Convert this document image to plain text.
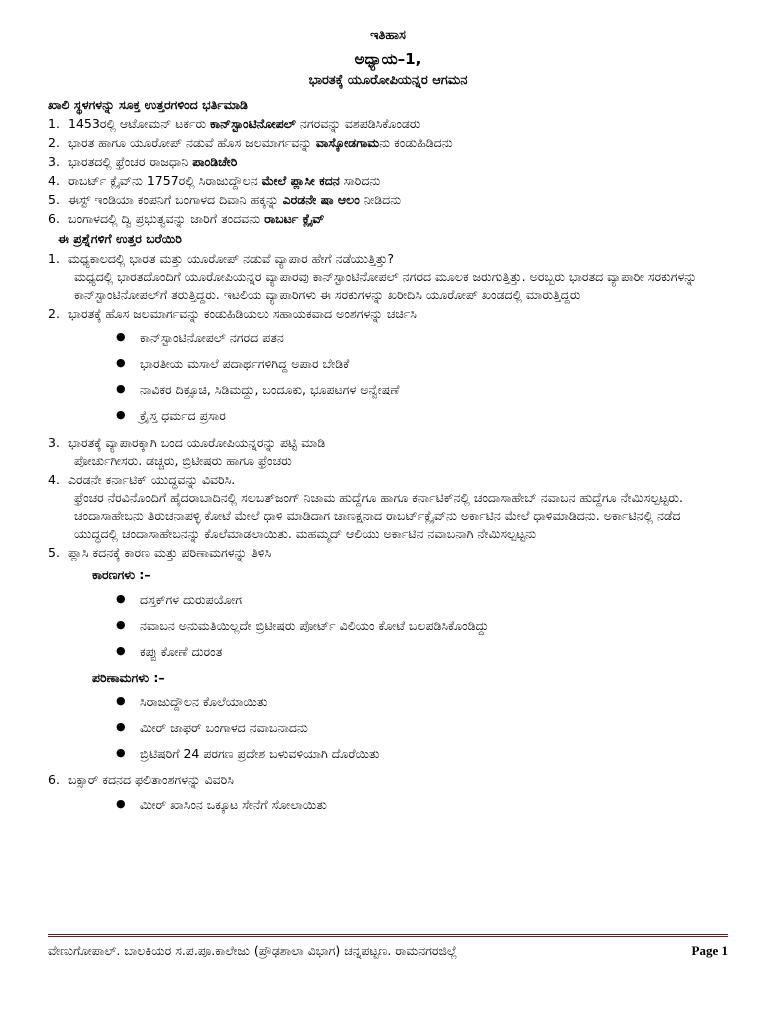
ಇತಿಹಾಸ
ಅಧ್ಯಾಯ–1,
ಭಾರತಕ್ಕೆ ಯೂರೋಪಿಯನ್ನರ ಆಗಮನ
ಖಾಲಿ ಸ್ಥಳಗಳನ್ನು ಸೂಕ್ತ ಉತ್ತರಗಳಿಂದ ಭರ್ತಿಮಾಡಿ
1. 1453ರಲ್ಲಿ ಆಟೋಮನ್ ಟರ್ಕರು ಕಾನ್‌ಸ್ಟಾಂಟಿನೋಪಲ್ ನಗರವನ್ನು ವಶಪಡಿಸಿಕೊಂಡರು
2. ಭಾರತ ಹಾಗೂ ಯೂರೋಪ್ ನಡುವೆ ಹೊಸ ಜಲಮಾರ್ಗವನ್ನು ವಾಸ್ಕೋಡಗಾಮನು ಕಂಡುಹಿಡಿದನು
3. ಭಾರತದಲ್ಲಿ ಫ್ರೆಂಚರ ರಾಜಧಾನಿ ಪಾಂಡಿಚೇರಿ
4. ರಾಬರ್ಟ್ ಕ್ಲೈವ್‌ನು 1757ರಲ್ಲಿ ಸಿರಾಜುದ್ದೌಲನ ಮೇಲೆ ಪ್ಲಾಸೀ ಕದನ ಸಾರಿದನು
5. ಈಸ್ಟ್ ಇಂಡಿಯಾ ಕಂಪನಿಗೆ ಬಂಗಾಳದ ದಿವಾನಿ ಹಕ್ಕನ್ನು ಎರಡನೇ ಷಾ ಆಲಂ ನೀಡಿದನು
6. ಬಂಗಾಳದಲ್ಲಿ ದ್ವಿ ಪ್ರಭುತ್ವವನ್ನು ಜಾರಿಗೆ ತಂದವನು ರಾಬರ್ಟ ಕ್ಲೈವ್
ಈ ಪ್ರಶ್ನೆಗಳಿಗೆ ಉತ್ತರ ಬರೆಯಿರಿ
1. ಮಧ್ಯಕಾಲದಲ್ಲಿ ಭಾರತ ಮತ್ತು ಯೂರೋಪ್ ನಡುವೆ ವ್ಯಾಪಾರ ಹೇಗೆ ನಡೆಯುತ್ತಿತ್ತು?
ಮಧ್ಯದಲ್ಲಿ ಭಾರತದೊಂದಿಗೆ ಯೂರೋಪಿಯನ್ನರ ವ್ಯಾಪಾರವು ಕಾನ್‌ಸ್ಟಾಂಟಿನೋಪಲ್ ನಗರದ ಮೂಲಕ ಜರುಗುತ್ತಿತ್ತು. ಅರಬ್ಬರು ಭಾರತದ ವ್ಯಾಪಾರೀ ಸರಕುಗಳನ್ನು ಕಾನ್‌ಸ್ಟಾಂಟಿನೋಪಲ್‌ಗೆ ತರುತ್ತಿದ್ದರು. ಇಟಲಿಯ ವ್ಯಾಪಾರಿಗಳು ಈ ಸರಕುಗಳನ್ನು ಖರೀದಿಸಿ ಯೂರೋಪ್ ಖಂಡದಲ್ಲಿ ಮಾರುತ್ತಿದ್ದರು
2. ಭಾರತಕ್ಕೆ ಹೊಸ ಜಲಮಾರ್ಗವನ್ನು ಕಂಡುಹಿಡಿಯಲು ಸಹಾಯಕವಾದ ಅಂಶಗಳನ್ನು ಚರ್ಚಿಸಿ
● ಕಾನ್‌ಸ್ಟಾಂಟಿನೋಪಲ್ ನಗರದ ಪತನ
● ಭಾರತೀಯ ಮಸಾಲೆ ಪದಾರ್ಥಗಳಿಗಿದ್ದ ಅಪಾರ ಬೇಡಿಕೆ
● ನಾವಿಕರ ದಿಕ್ಸೂಚಿ, ಸಿಡಿಮದ್ದು, ಬಂದೂಕು, ಭೂಪಟಗಳ ಅನ್ವೇಷಣೆ
● ಕ್ರೈಸ್ತ ಧರ್ಮದ ಪ್ರಸಾರ
3. ಭಾರತಕ್ಕೆ ವ್ಯಾಪಾರಕ್ಕಾಗಿ ಬಂದ ಯೂರೋಪಿಯನ್ನರನ್ನು ಪಟ್ಟಿ ಮಾಡಿ
ಪೋರ್ಚುಗೀಸರು. ಡಚ್ಚರು, ಬ್ರಿಟೀಷರು ಹಾಗೂ ಫ್ರೆಂಚರು
4. ಎರಡನೇ ಕರ್ನಾಟಿಕ್ ಯುದ್ಧವನ್ನು ವಿವರಿಸಿ.
ಫ್ರೆಂಚರ ನೆರವಿನೊಂದಿಗೆ ಹೈದರಾಬಾದಿನಲ್ಲಿ ಸಲಬತ್‌ಜಂಗ್ ನಿಜಾಮ ಹುದ್ದೆಗೂ ಹಾಗೂ ಕರ್ನಾಟಿಕ್‌ನಲ್ಲಿ ಚಂದಾಸಾಹೇಬ್ ನವಾಬನ ಹುದ್ದೆಗೂ ನೇಮಿಸಲ್ಪಟ್ಟರು. ಚಂದಾಸಾಹೇಬನು ತಿರುಚನಾಪಳ್ಳಿ ಕೋಟೆ ಮೇಲೆ ಧಾಳಿ ಮಾಡಿದಾಗ ಚಾಣಕ್ಷನಾದ ರಾಬರ್ಟ್‌ಕ್ಲೈವ್‌ನು ಅರ್ಕಾಟಿನ ಮೇಲೆ ಧಾಳಿಮಾಡಿದನು. ಅರ್ಕಾಟಿನಲ್ಲಿ ನಡೆದ ಯುದ್ಧದಲ್ಲಿ ಚಂದಾಸಾಹೇಬನನ್ನು ಕೊಲೆಮಾಡಲಾಯಿತು. ಮಹಮ್ಮದ್ ಆಲಿಯು ಅರ್ಕಾಟಿನ ನವಾಬನಾಗಿ ನೇಮಿಸಲ್ಪಟ್ಟನು
5. ಪ್ಲಾಸಿ ಕದನಕ್ಕೆ ಕಾರಣ ಮತ್ತು ಪರಿಣಾಮಗಳನ್ನು ತಿಳಿಸಿ
ಕಾರಣಗಳು :–
● ದಸ್ತಕ್‌ಗಳ ದುರುಪಯೋಗ
● ನವಾಬನ ಅನುಮತಿಯಿಲ್ಲದೇ ಬ್ರಿಟೀಷರು ಪೋರ್ಟ್ ವಿಲಿಯಂ ಕೋಟೆ ಬಲಪಡಿಸಿಕೊಂಡಿದ್ದು
● ಕಪ್ಪು ಕೋಣೆ ದುರಂತ
ಪರಿಣಾಮಗಳು :–
● ಸಿರಾಜುದ್ದೌಲನ ಕೊಲೆಯಾಯಿತು
● ಮೀರ್ ಜಾಫರ್ ಬಂಗಾಳದ ನವಾಬನಾದನು
● ಬ್ರಿಟಿಷರಿಗೆ 24 ಪರಗಣ ಪ್ರದೇಶ ಬಳುವಳಿಯಾಗಿ ದೊರೆಯಿತು
6. ಬಕ್ಸಾರ್ ಕದನದ ಫಲಿತಾಂಶಗಳನ್ನು ವಿವರಿಸಿ
● ಮೀರ್ ಖಾಸಿಂನ ಒಕ್ಕೂಟ ಸೇನೆಗೆ ಸೋಲಾಯಿತು
ವೇಣುಗೋಪಾಲ್. ಬಾಲಕಿಯರ ಸ.ಪ.ಪೂ.ಕಾಲೇಜು (ಪ್ರೌಢಶಾಲಾ ವಿಭಾಗ) ಚನ್ನಪಟ್ಟಣ. ರಾಮನಗರಜಿಲ್ಲೆ	Page 1
